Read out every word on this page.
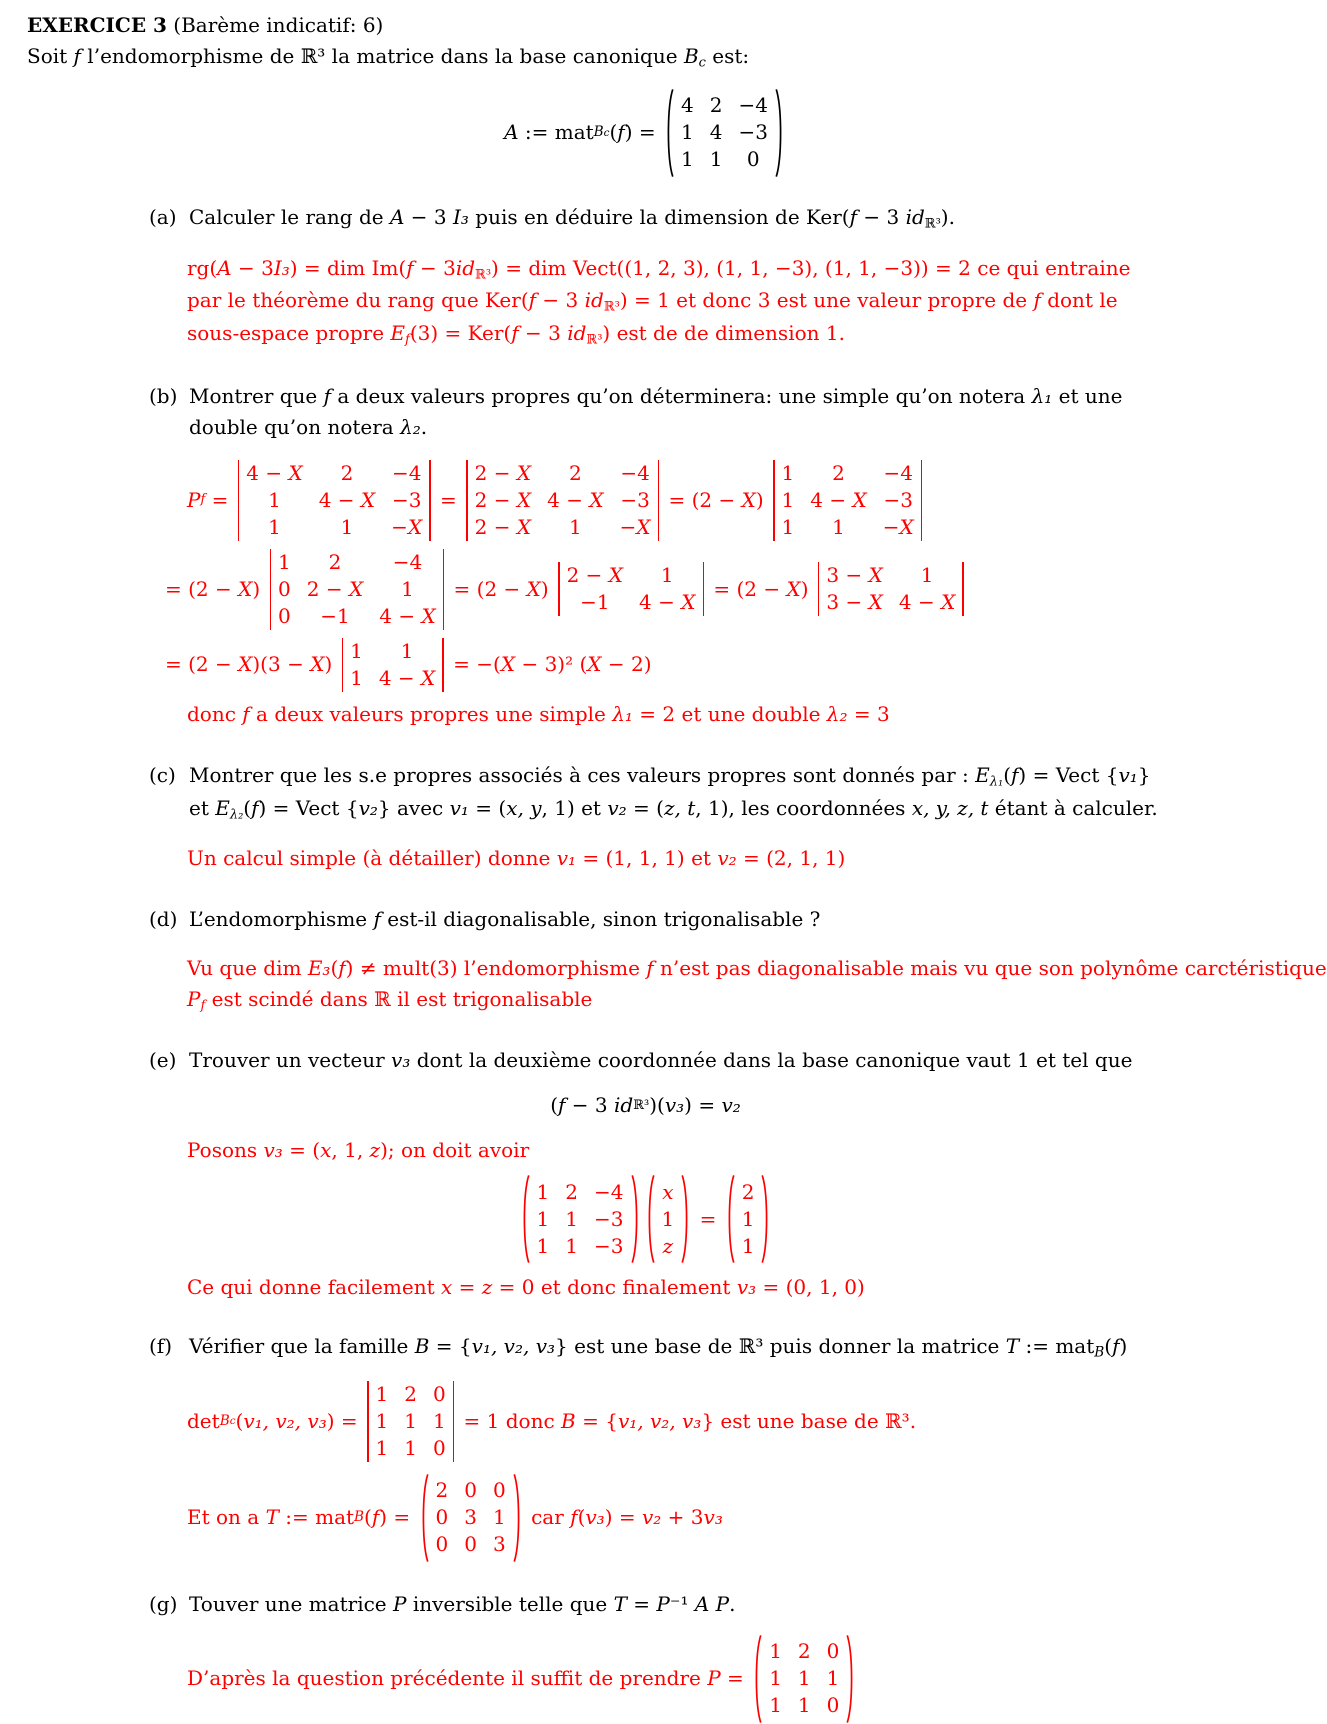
EXERCICE 3 (Barème indicatif: 6)
Soit f l’endomorphisme de ℝ³ la matrice dans la base canonique Bc est:
A := mat B c ( f ) =
4 2 −4
1 4 −3
1 1 0
(a) Calculer le rang de A − 3 I₃ puis en déduire la dimension de Ker(f − 3 idℝ³).
rg(A − 3I₃) = dim Im(f − 3idℝ³) = dim Vect((1, 2, 3), (1, 1, −3), (1, 1, −3)) = 2 ce qui entraine par le théorème du rang que Ker(f − 3 idℝ³) = 1 et donc 3 est une valeur propre de f dont le sous-espace propre Ef(3) = Ker(f − 3 idℝ³) est de de dimension 1.
(b) Montrer que f a deux valeurs propres qu’on déterminera: une simple qu’on notera λ₁ et une double qu’on notera λ₂.
P f =
4 − X 2 −4
1 4 − X −3
1	1 −X
=
2 − X 2 −4
2 − X 4 − X −3
2 − X 1 −X
= (2 − X )
1 2 −4
1 4 − X −3
1 1 −X
= (2 − X )
1 2	−4
0 2 − X 1
0 −1 4 − X
= (2 − X )
2 − X 1
−1 4 − X
= (2 − X )
3 − X 1
3 − X 4 − X
= (2 − X )(3 − X )
1 1
1 4 − X
= −( X − 3)² ( X − 2)
donc f a deux valeurs propres une simple λ₁ = 2 et une double λ₂ = 3
(c) Montrer que les s.e propres associés à ces valeurs propres sont donnés par : Eλ₁(f) = Vect {v₁} et Eλ₂(f) = Vect {v₂} avec v₁ = (x, y, 1) et v₂ = (z, t, 1), les coordonnées x, y, z, t étant à calculer.
Un calcul simple (à détailler) donne v₁ = (1, 1, 1) et v₂ = (2, 1, 1)
(d) L’endomorphisme f est-il diagonalisable, sinon trigonalisable ?
Vu que dim E₃(f) ≠ mult(3) l’endomorphisme f n’est pas diagonalisable mais vu que son polynôme carctéristique
Pf est scindé dans ℝ il est trigonalisable
(e) Trouver un vecteur v₃ dont la deuxième coordonnée dans la base canonique vaut 1 et tel que
( f − 3 id ℝ³ )( v₃ ) = v₂
Posons v₃ = (x, 1, z); on doit avoir
1 2 −4
1 1 −3
1 1 −3
x
1
z
=
2
1
1
Ce qui donne facilement x = z = 0 et donc finalement v₃ = (0, 1, 0)
(f) Vérifier que la famille B = {v₁, v₂, v₃} est une base de ℝ³ puis donner la matrice T := matB(f)
det B c ( v₁, v₂, v₃ ) =
1 2 0
1 1 1
1 1 0
= 1 donc B = { v₁, v₂, v₃ } est une base de ℝ³.
Et on a T := mat B ( f ) =
2 0 0
0 3 1
0 0 3
car f ( v₃ ) = v₂ + 3 v₃
(g) Touver une matrice P inversible telle que T = P⁻¹ A P.
D’après la question précédente il suffit de prendre P =
1 2 0
1 1 1
1 1 0
